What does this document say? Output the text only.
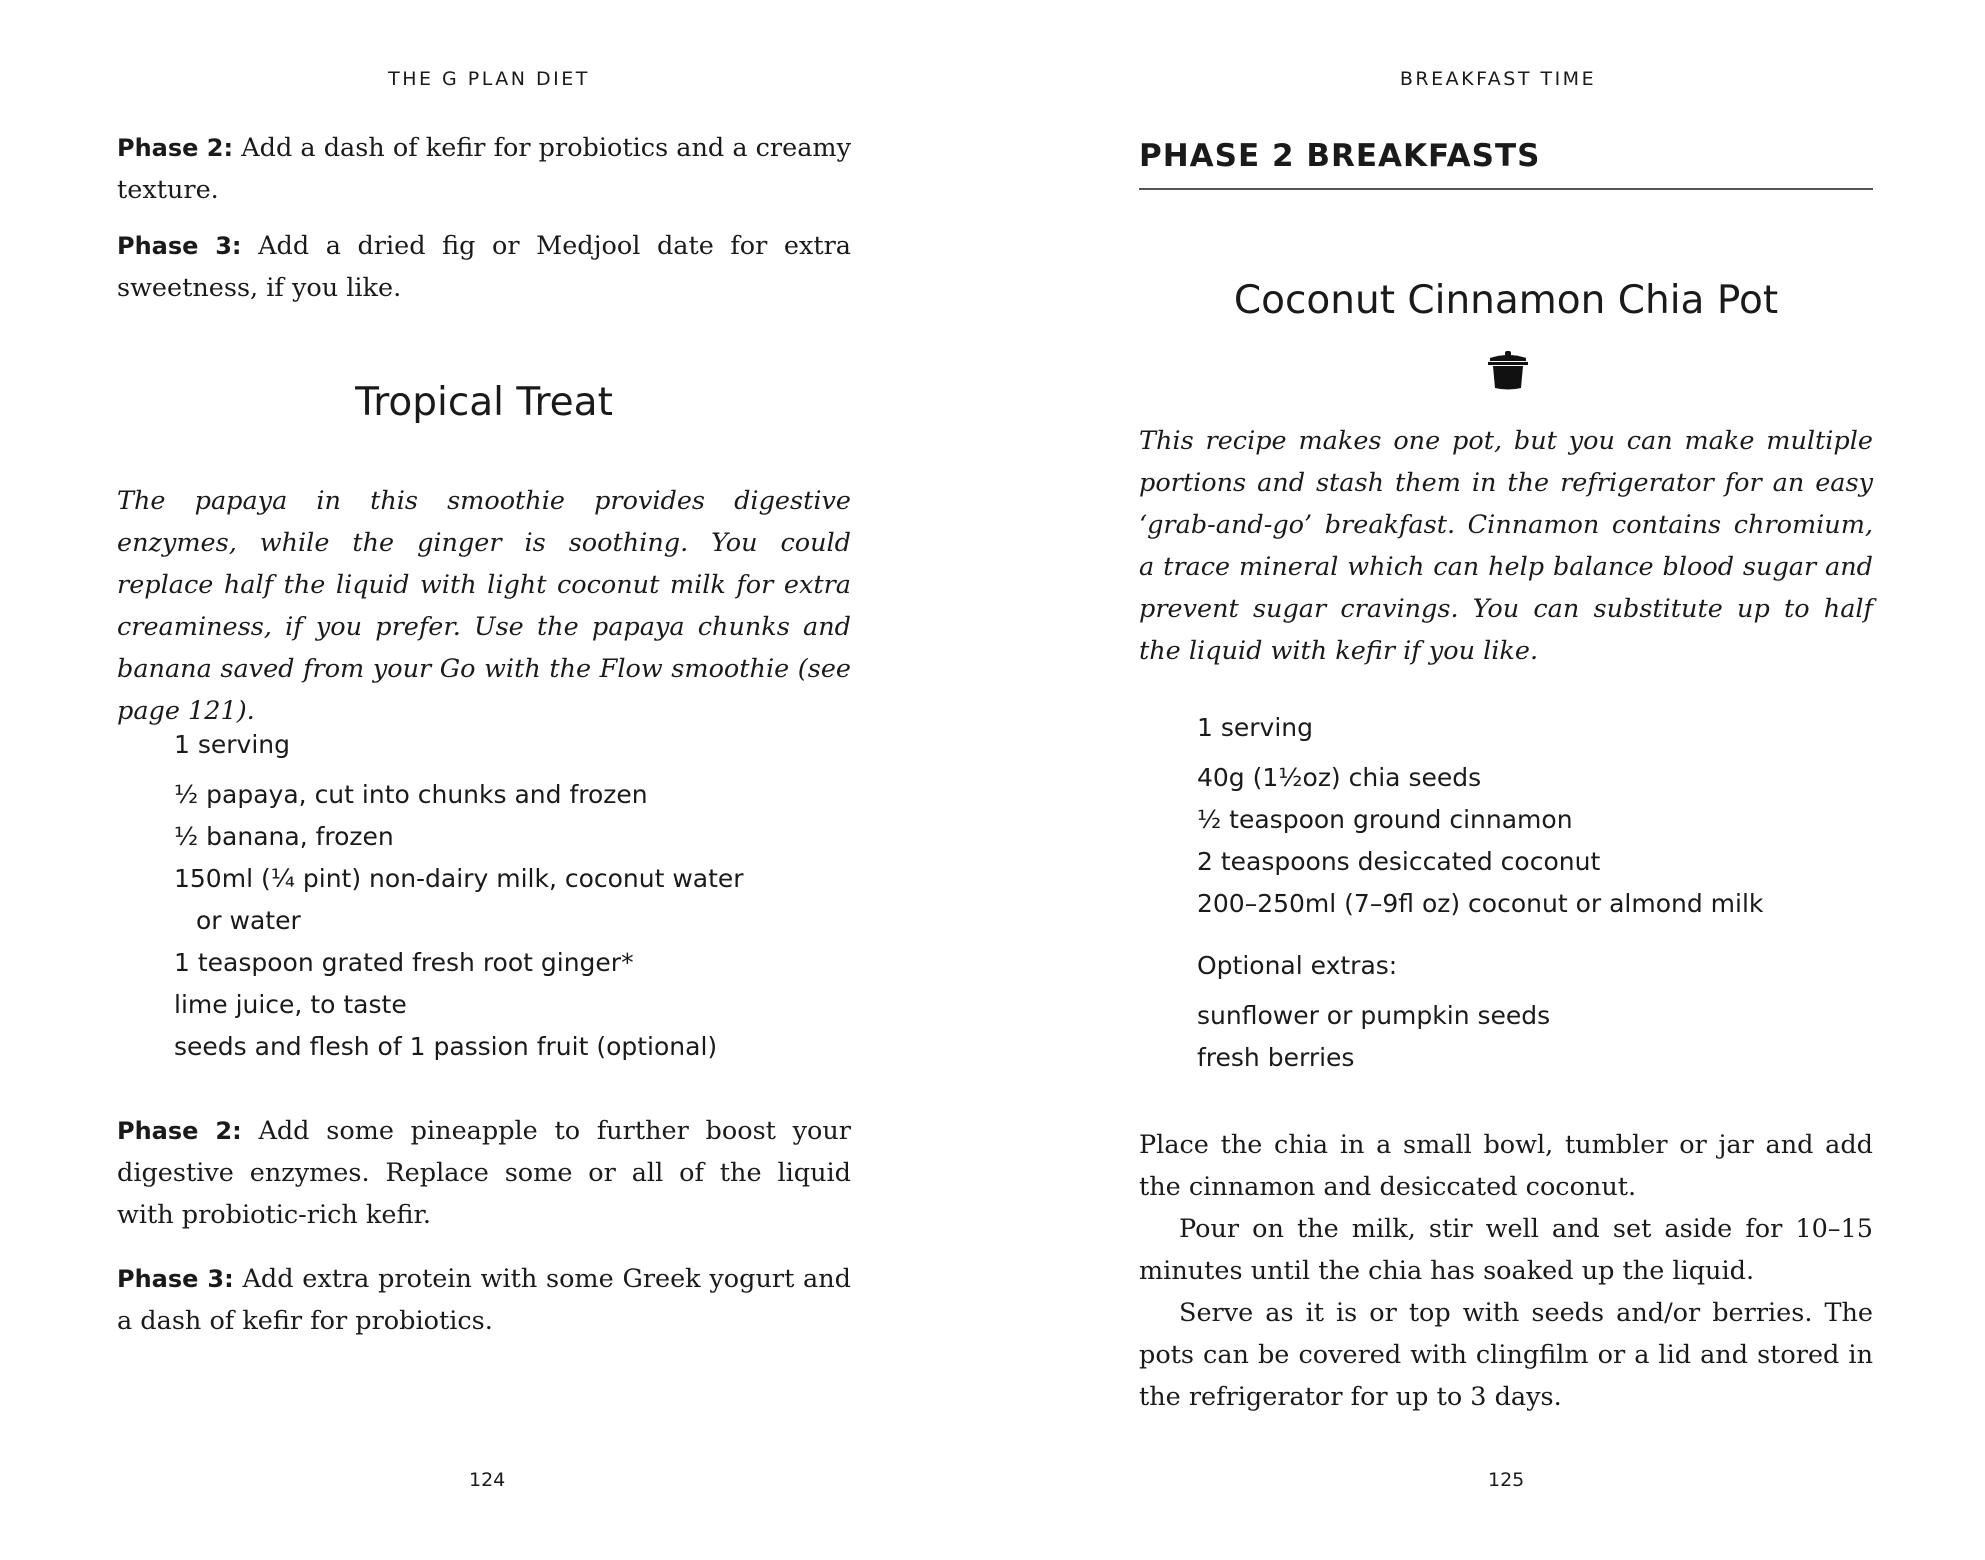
THE G PLAN DIET

Phase 2: Add a dash of kefir for probiotics and a creamy texture.

Phase 3: Add a dried fig or Medjool date for extra sweetness, if you like.

Tropical Treat

The papaya in this smoothie provides digestive enzymes, while the ginger is soothing. You could replace half the liquid with light coconut milk for extra creaminess, if you prefer. Use the papaya chunks and banana saved from your Go with the Flow smoothie (see page 121).

1 serving
½ papaya, cut into chunks and frozen
½ banana, frozen
150ml (¼ pint) non-dairy milk, coconut water
or water
1 teaspoon grated fresh root ginger*
lime juice, to taste
seeds and flesh of 1 passion fruit (optional)

Phase 2: Add some pineapple to further boost your digestive enzymes. Replace some or all of the liquid with probiotic-rich kefir.

Phase 3: Add extra protein with some Greek yogurt and a dash of kefir for probiotics.

124
BREAKFAST TIME
PHASE 2 BREAKFASTS
Coconut Cinnamon Chia Pot

This recipe makes one pot, but you can make multiple portions and stash them in the refrigerator for an easy ‘grab-and-go’ breakfast. Cinnamon contains chromium, a trace mineral which can help balance blood sugar and prevent sugar cravings. You can substitute up to half the liquid with kefir if you like.

1 serving
40g (1½oz) chia seeds
½ teaspoon ground cinnamon
2 teaspoons desiccated coconut
200–250ml (7–9fl oz) coconut or almond milk
Optional extras:
sunflower or pumpkin seeds
fresh berries

Place the chia in a small bowl, tumbler or jar and add the cinnamon and desiccated coconut.

Pour on the milk, stir well and set aside for 10–15 minutes until the chia has soaked up the liquid.

Serve as it is or top with seeds and/or berries. The pots can be covered with clingfilm or a lid and stored in the refrigerator for up to 3 days.

125
